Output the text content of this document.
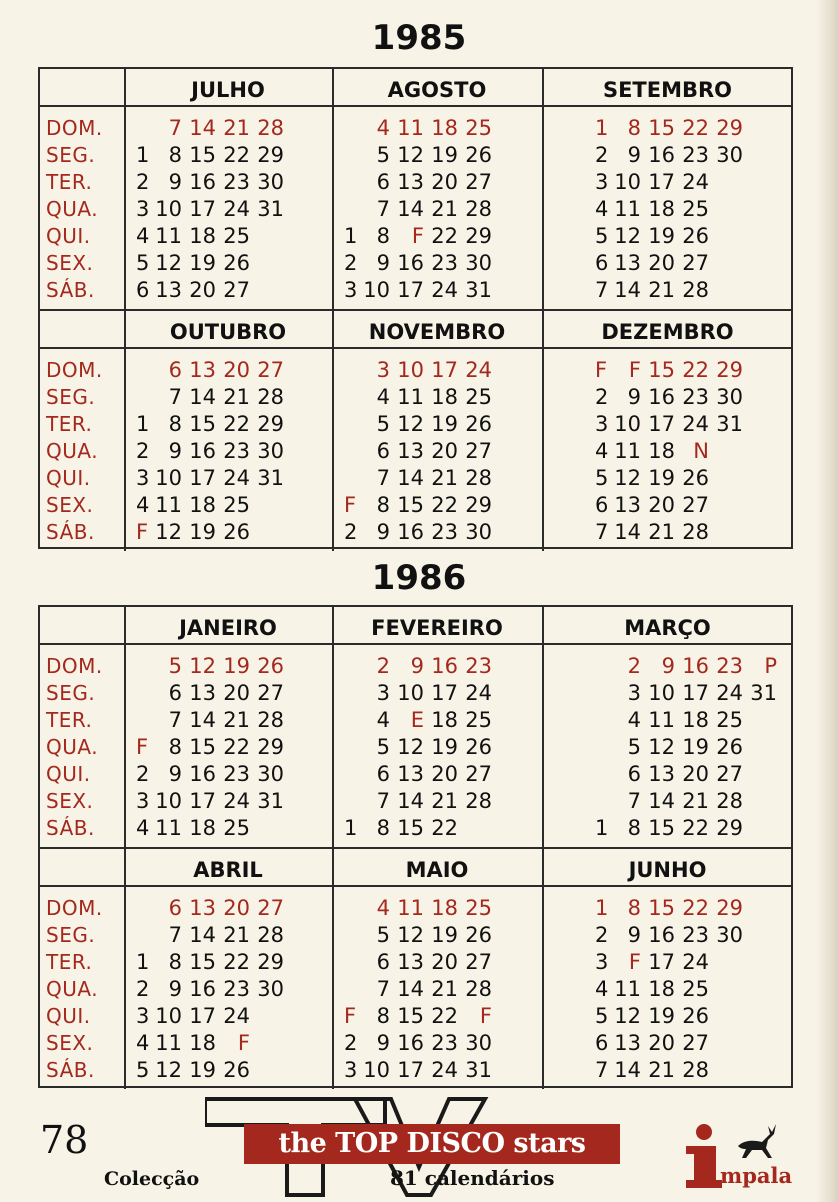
1985
DOM.
SEG.
TER.
QUA.
QUI.
SEX.
SÁB.
JULHO
7 14 21 28
1 8 15 22 29
2 9 16 23 30
3 10 17 24 31
4 11 18 25
5 12 19 26
6 13 20 27
AGOSTO
4 11 18 25
5 12 19 26
6 13 20 27
7 14 21 28
1 8 F 22 29
2 9 16 23 30
3 10 17 24 31
SETEMBRO
1 8 15 22 29
2 9 16 23 30
3 10 17 24
4 11 18 25
5 12 19 26
6 13 20 27
7 14 21 28
DOM.
SEG.
TER.
QUA.
QUI.
SEX.
SÁB.
OUTUBRO
6 13 20 27
7 14 21 28
1 8 15 22 29
2 9 16 23 30
3 10 17 24 31
4 11 18 25
F 12 19 26
NOVEMBRO
3 10 17 24
4 11 18 25
5 12 19 26
6 13 20 27
7 14 21 28
F 8 15 22 29
2 9 16 23 30
DEZEMBRO
F F 15 22 29
2 9 16 23 30
3 10 17 24 31
4 11 18 N
5 12 19 26
6 13 20 27
7 14 21 28
1986
DOM.
SEG.
TER.
QUA.
QUI.
SEX.
SÁB.
JANEIRO
5 12 19 26
6 13 20 27
7 14 21 28
F 8 15 22 29
2 9 16 23 30
3 10 17 24 31
4 11 18 25
FEVEREIRO
2 9 16 23
3 10 17 24
4 E 18 25
5 12 19 26
6 13 20 27
7 14 21 28
1 8 15 22
MARÇO
2 9 16 23 P
3 10 17 24 31
4 11 18 25
5 12 19 26
6 13 20 27
7 14 21 28
1 8 15 22 29
DOM.
SEG.
TER.
QUA.
QUI.
SEX.
SÁB.
ABRIL
6 13 20 27
7 14 21 28
1 8 15 22 29
2 9 16 23 30
3 10 17 24
4 11 18 F
5 12 19 26
MAIO
4 11 18 25
5 12 19 26
6 13 20 27
7 14 21 28
F 8 15 22 F
2 9 16 23 30
3 10 17 24 31
JUNHO
1 8 15 22 29
2 9 16 23 30
3 F 17 24
4 11 18 25
5 12 19 26
6 13 20 27
7 14 21 28
78
Colecção
the TOP DISCO stars
81 calendários	mpala
